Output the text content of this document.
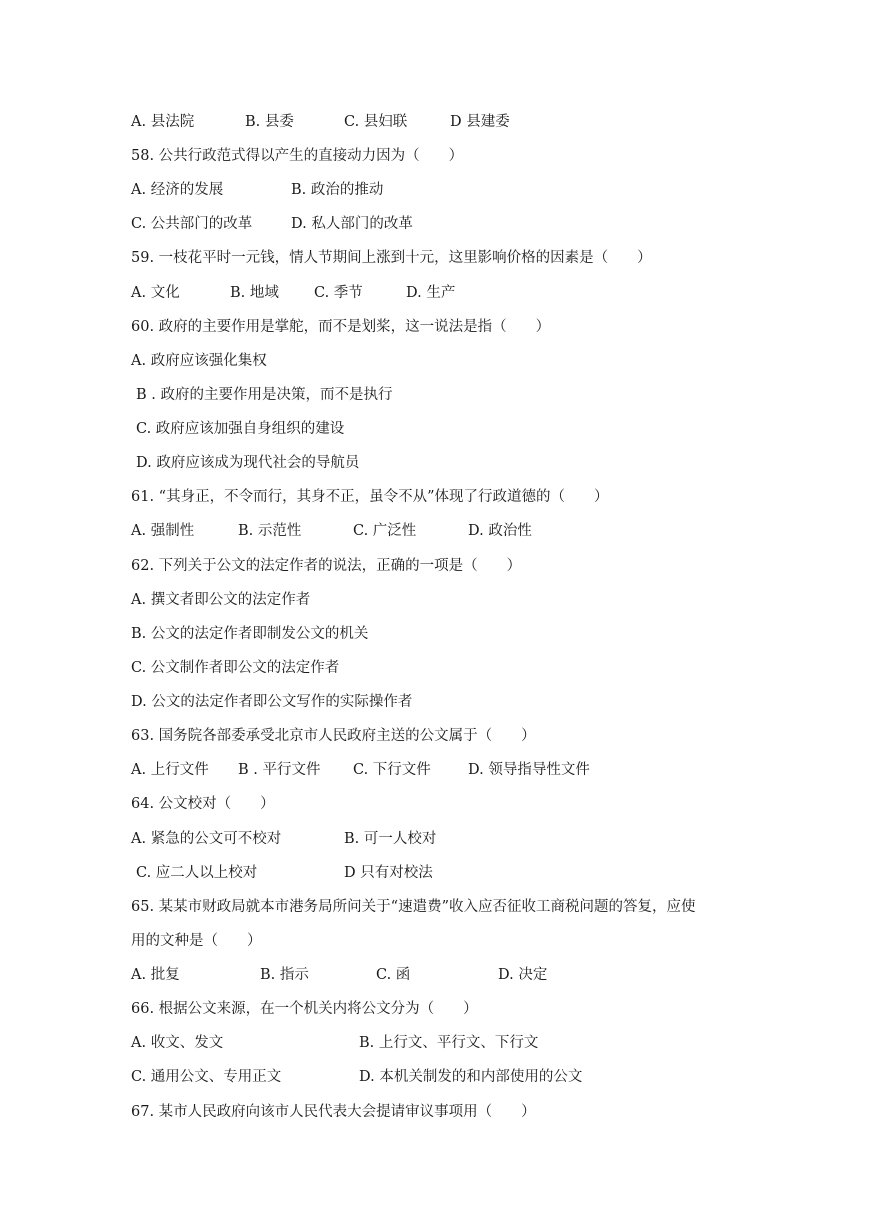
A. 县法院	B. 县委	C. 县妇联	D 县建委
58. 公共行政范式得以产生的直接动力因为（　　）
A. 经济的发展	B. 政治的推动
C. 公共部门的改革	D. 私人部门的改革
59. 一枝花平时一元钱，情人节期间上涨到十元，这里影响价格的因素是（　　）
A. 文化	B. 地域 C. 季节	D. 生产
60. 政府的主要作用是掌舵，而不是划桨，这一说法是指（　　）
A. 政府应该强化集权
B . 政府的主要作用是决策，而不是执行
C. 政府应该加强自身组织的建设
D. 政府应该成为现代社会的导航员
61. “其身正，不令而行，其身不正，虽令不从”体现了行政道德的（　　）
A. 强制性	B. 示范性	C. 广泛性	D. 政治性
62. 下列关于公文的法定作者的说法，正确的一项是（　　）
A. 撰文者即公文的法定作者
B. 公文的法定作者即制发公文的机关
C. 公文制作者即公文的法定作者
D. 公文的法定作者即公文写作的实际操作者
63. 国务院各部委承受北京市人民政府主送的公文属于（　　）
A. 上行文件 B . 平行文件 C. 下行文件	D. 领导指导性文件
64. 公文校对（　　）
A. 紧急的公文可不校对	B. 可一人校对
C. 应二人以上校对	D 只有对校法
65. 某某市财政局就本市港务局所问关于“速遣费”收入应否征收工商税问题的答复，应使
用的文种是（　　）
A. 批复	B. 指示	C. 函	D. 决定
66. 根据公文来源，在一个机关内将公文分为（　　）
A. 收文、发文	B. 上行文、平行文、下行文
C. 通用公文、专用正文	D. 本机关制发的和内部使用的公文
67. 某市人民政府向该市人民代表大会提请审议事项用（　　）
